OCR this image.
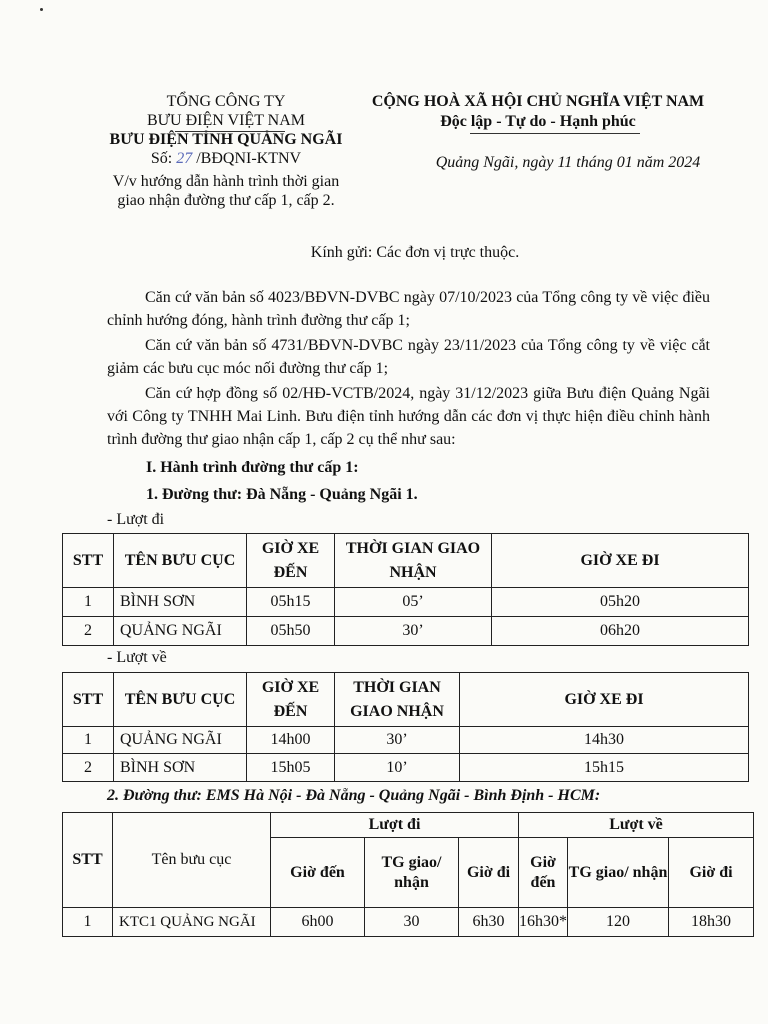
TỔNG CÔNG TY
BƯU ĐIỆN VIỆT NAM
BƯU ĐIỆN TỈNH QUẢNG NGÃI
Số: 27 /BĐQNI-KTNV
V/v hướng dẫn hành trình thời gian
giao nhận đường thư cấp 1, cấp 2.
CỘNG HOÀ XÃ HỘI CHỦ NGHĨA VIỆT NAM
Độc lập - Tự do - Hạnh phúc
Quảng Ngãi, ngày 11 tháng 01 năm 2024
Kính gửi: Các đơn vị trực thuộc.
Căn cứ văn bản số 4023/BĐVN-DVBC ngày 07/10/2023 của Tổng công ty về việc điều chỉnh hướng đóng, hành trình đường thư cấp 1;
Căn cứ văn bản số 4731/BĐVN-DVBC ngày 23/11/2023 của Tổng công ty về việc cắt giảm các bưu cục móc nối đường thư cấp 1;
Căn cứ hợp đồng số 02/HĐ-VCTB/2024, ngày 31/12/2023 giữa Bưu điện Quảng Ngãi với Công ty TNHH Mai Linh. Bưu điện tỉnh hướng dẫn các đơn vị thực hiện điều chỉnh hành trình đường thư giao nhận cấp 1, cấp 2 cụ thể như sau:
I. Hành trình đường thư cấp 1:
1. Đường thư: Đà Nẵng - Quảng Ngãi 1.
- Lượt đi
STT	TÊN BƯU CỤC	GIỜ XE ĐẾN	THỜI GIAN GIAO NHẬN	GIỜ XE ĐI
1	BÌNH SƠN	05h15	05’	05h20
2	QUẢNG NGÃI	05h50	30’	06h20
- Lượt về
STT	TÊN BƯU CỤC	GIỜ XE ĐẾN	THỜI GIAN GIAO NHẬN	GIỜ XE ĐI
1	QUẢNG NGÃI	14h00	30’	14h30
2	BÌNH SƠN	15h05	10’	15h15
2. Đường thư: EMS Hà Nội - Đà Nẵng - Quảng Ngãi - Bình Định - HCM:
STT	Tên bưu cục	Lượt đi			Lượt về		
		Giờ đến	TG giao/ nhận	Giờ đi	Giờ đến	TG giao/ nhận	Giờ đi
1	KTC1 QUẢNG NGÃI	6h00	30	6h30	16h30*	120	18h30
